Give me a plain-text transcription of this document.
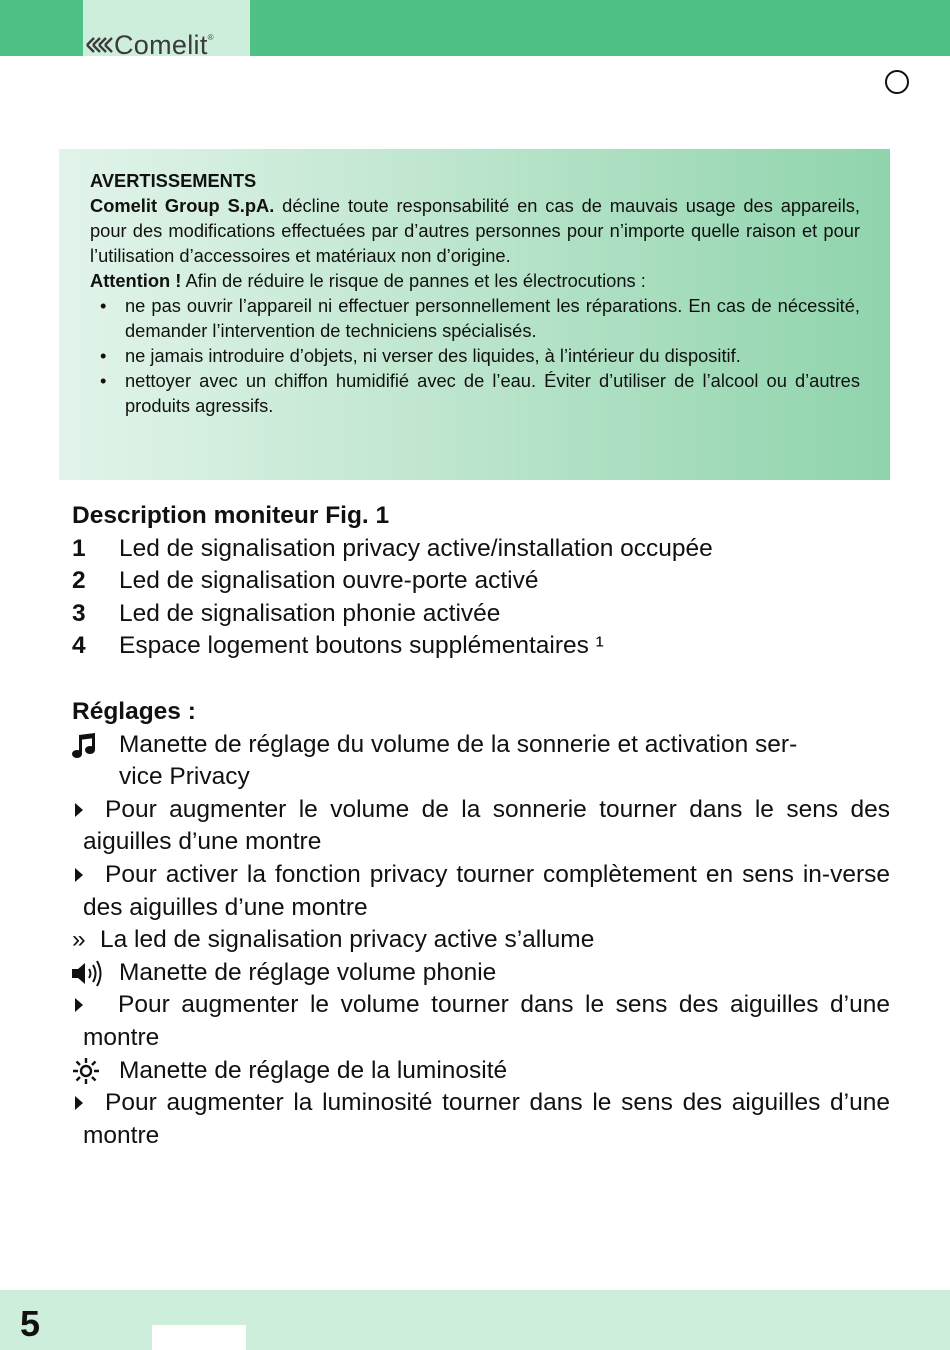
Comelit ®

AVERTISSEMENTS

Comelit Group S.pA. décline toute responsabilité en cas de mauvais usage des appareils, pour des modifications effectuées par d’autres personnes pour n’importe quelle raison et pour l’utilisation d’accessoires et matériaux non d’origine.

Attention ! Afin de réduire le risque de pannes et les électrocutions :

• ne pas ouvrir l’appareil ni effectuer personnellement les réparations. En cas de nécessité, demander l’intervention de techniciens spécialisés.
• ne jamais introduire d’objets, ni verser des liquides, à l’intérieur du dispositif.
• nettoyer avec un chiffon humidifié avec de l’eau. Éviter d’utiliser de l’alcool ou d’autres produits agressifs.
Description moniteur Fig. 1
1	Led de signalisation privacy active/installation occupée
2	Led de signalisation ouvre-porte activé
3	Led de signalisation phonie activée
4	Espace logement boutons supplémentaires ¹
Réglages :
Manette de réglage du volume de la sonnerie et activation ser-
vice Privacy
Pour augmenter le volume de la sonnerie tourner dans le sens des aiguilles d’une montre
Pour activer la fonction privacy tourner complètement en sens in-verse des aiguilles d’une montre
» La led de signalisation privacy active s’allume
Manette de réglage volume phonie
Pour augmenter le volume tourner dans le sens des aiguilles d’une montre
Manette de réglage de la luminosité
Pour augmenter la luminosité tourner dans le sens des aiguilles d’une montre
5
